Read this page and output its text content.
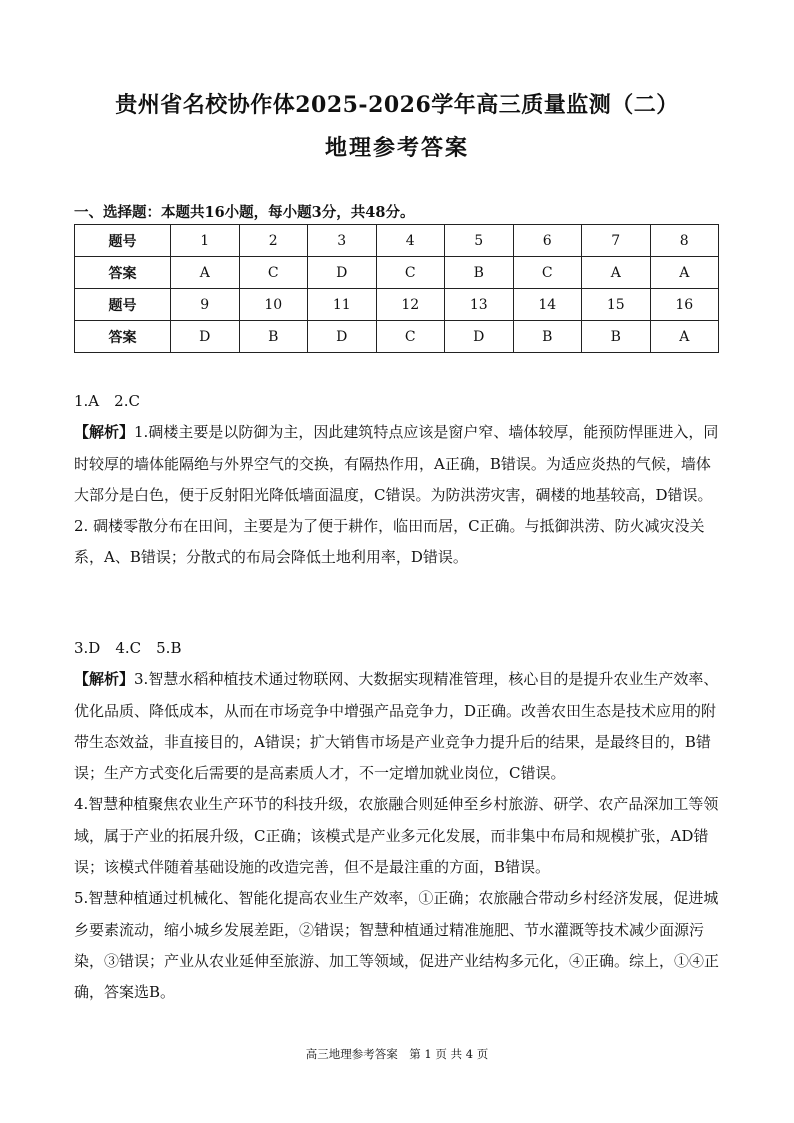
贵州省名校协作体2025-2026学年高三质量监测（二）
地理参考答案
一、选择题：本题共16小题，每小题3分，共48分。
题号	1	2	3	4	5	6	7	8
答案	A	C	D	C	B	C	A	A
题号	9	10	11	12	13	14	15	16
答案	D	B	D	C	D	B	B	A

1.A　2.C

【解析】1.碉楼主要是以防御为主，因此建筑特点应该是窗户窄、墙体较厚，能预防悍匪进入，同时较厚的墙体能隔绝与外界空气的交换，有隔热作用，A正确，B错误。为适应炎热的气候，墙体大部分是白色，便于反射阳光降低墙面温度，C错误。为防洪涝灾害，碉楼的地基较高，D错误。

2. 碉楼零散分布在田间，主要是为了便于耕作，临田而居，C正确。与抵御洪涝、防火减灾没关系，A、B错误；分散式的布局会降低土地利用率，D错误。

3.D　4.C　5.B

【解析】3.智慧水稻种植技术通过物联网、大数据实现精准管理，核心目的是提升农业生产效率、优化品质、降低成本，从而在市场竞争中增强产品竞争力，D正确。改善农田生态是技术应用的附带生态效益，非直接目的，A错误；扩大销售市场是产业竞争力提升后的结果，是最终目的，B错误；生产方式变化后需要的是高素质人才，不一定增加就业岗位，C错误。

4.智慧种植聚焦农业生产环节的科技升级，农旅融合则延伸至乡村旅游、研学、农产品深加工等领域，属于产业的拓展升级，C正确；该模式是产业多元化发展，而非集中布局和规模扩张，AD错误；该模式伴随着基础设施的改造完善，但不是最注重的方面，B错误。

5.智慧种植通过机械化、智能化提高农业生产效率，①正确；农旅融合带动乡村经济发展，促进城乡要素流动，缩小城乡发展差距，②错误；智慧种植通过精准施肥、节水灌溉等技术减少面源污染，③错误；产业从农业延伸至旅游、加工等领域，促进产业结构多元化，④正确。综上，①④正确，答案选B。

高三地理参考答案　第 1 页 共 4 页
